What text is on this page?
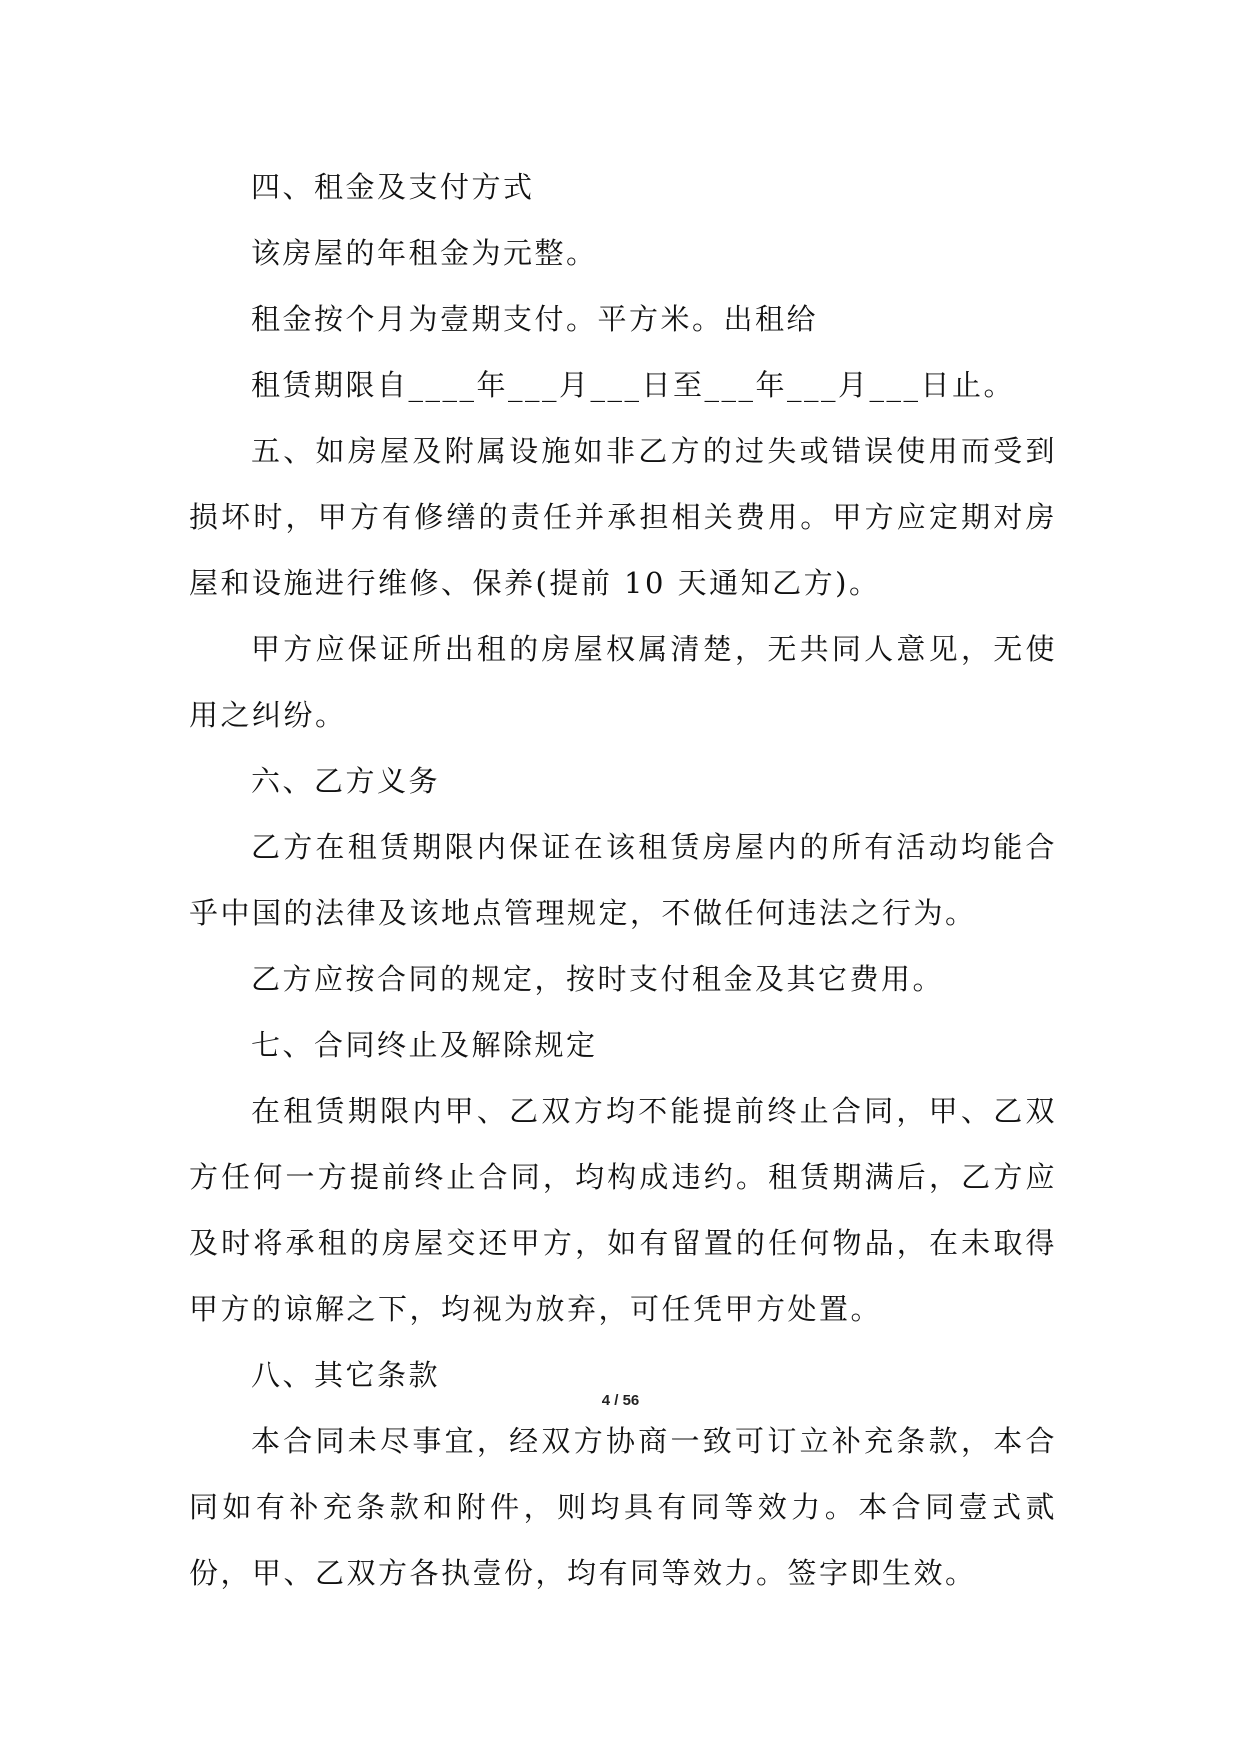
四、租金及支付方式

该房屋的年租金为元整。

租金按个月为壹期支付。平方米。出租给

租赁期限自____年___月___日至___年___月___日止。

五、如房屋及附属设施如非乙方的过失或错误使用而受到损坏时，甲方有修缮的责任并承担相关费用。甲方应定期对房屋和设施进行维修、保养(提前 10 天通知乙方)。

甲方应保证所出租的房屋权属清楚，无共同人意见，无使用之纠纷。

六、乙方义务

乙方在租赁期限内保证在该租赁房屋内的所有活动均能合乎中国的法律及该地点管理规定，不做任何违法之行为。

乙方应按合同的规定，按时支付租金及其它费用。

七、合同终止及解除规定

在租赁期限内甲、乙双方均不能提前终止合同，甲、乙双方任何一方提前终止合同，均构成违约。租赁期满后，乙方应及时将承租的房屋交还甲方，如有留置的任何物品，在未取得甲方的谅解之下，均视为放弃，可任凭甲方处置。

八、其它条款

本合同未尽事宜，经双方协商一致可订立补充条款，本合同如有补充条款和附件，则均具有同等效力。本合同壹式贰份，甲、乙双方各执壹份，均有同等效力。签字即生效。

4 / 56
